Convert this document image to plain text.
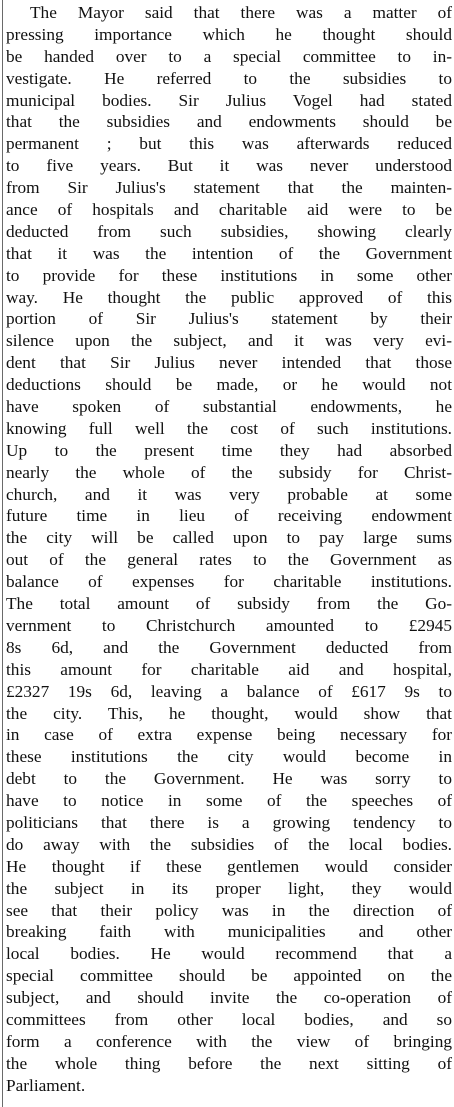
The Mayor said that there was a matter of
pressing importance which he thought should
be handed over to a special committee to in-
vestigate. He referred to the subsidies to
municipal bodies. Sir Julius Vogel had stated
that the subsidies and endowments should be
permanent ; but this was afterwards reduced
to five years. But it was never understood
from Sir Julius's statement that the mainten-
ance of hospitals and charitable aid were to be
deducted from such subsidies, showing clearly
that it was the intention of the Government
to provide for these institutions in some other
way. He thought the public approved of this
portion of Sir Julius's statement by their
silence upon the subject, and it was very evi-
dent that Sir Julius never intended that those
deductions should be made, or he would not
have spoken of substantial endowments, he
knowing full well the cost of such institutions.
Up to the present time they had absorbed
nearly the whole of the subsidy for Christ-
church, and it was very probable at some
future time in lieu of receiving endowment
the city will be called upon to pay large sums
out of the general rates to the Government as
balance of expenses for charitable institutions.
The total amount of subsidy from the Go-
vernment to Christchurch amounted to £2945
8s 6d, and the Government deducted from
this amount for charitable aid and hospital,
£2327 19s 6d, leaving a balance of £617 9s to
the city. This, he thought, would show that
in case of extra expense being necessary for
these institutions the city would become in
debt to the Government. He was sorry to
have to notice in some of the speeches of
politicians that there is a growing tendency to
do away with the subsidies of the local bodies.
He thought if these gentlemen would consider
the subject in its proper light, they would
see that their policy was in the direction of
breaking faith with municipalities and other
local bodies. He would recommend that a
special committee should be appointed on the
subject, and should invite the co-operation of
committees from other local bodies, and so
form a conference with the view of bringing
the whole thing before the next sitting of
Parliament.
